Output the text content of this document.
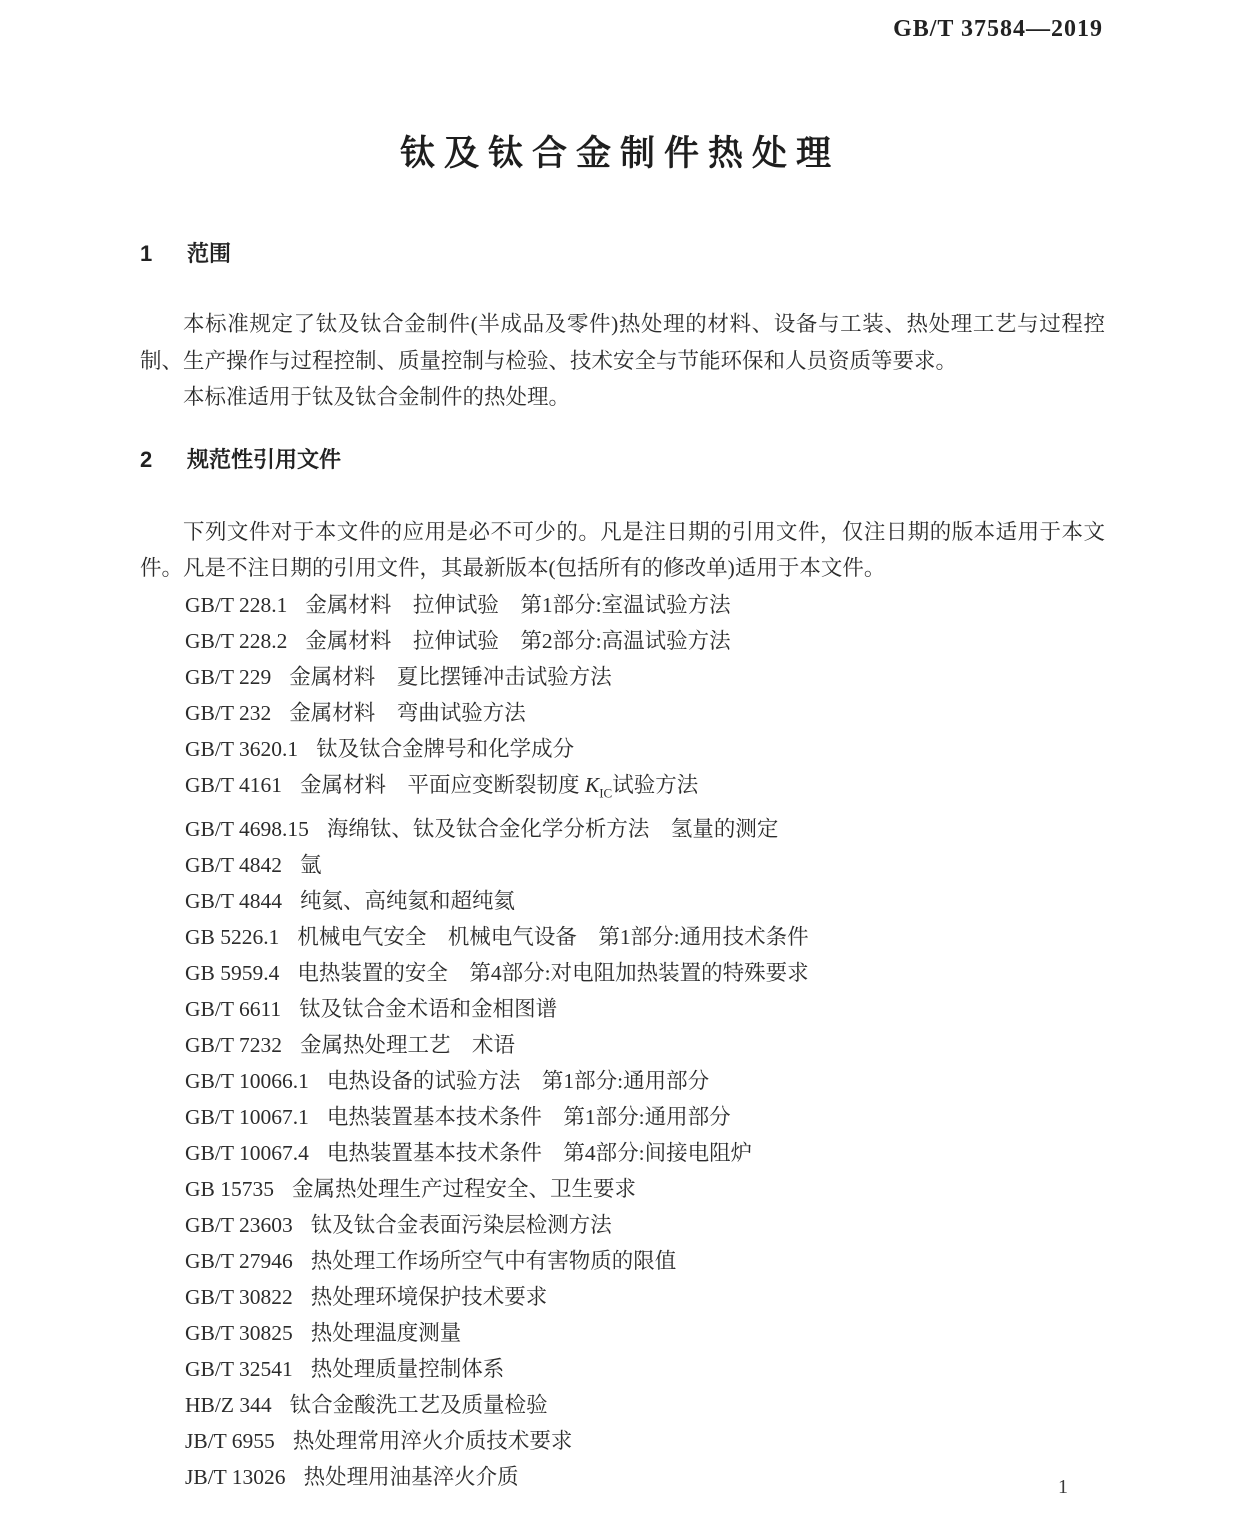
GB/T 37584—2019
钛及钛合金制件热处理
1 范围

本标准规定了钛及钛合金制件(半成品及零件)热处理的材料、设备与工装、热处理工艺与过程控制、生产操作与过程控制、质量控制与检验、技术安全与节能环保和人员资质等要求。

本标准适用于钛及钛合金制件的热处理。

2 规范性引用文件

下列文件对于本文件的应用是必不可少的。凡是注日期的引用文件，仅注日期的版本适用于本文件。凡是不注日期的引用文件，其最新版本(包括所有的修改单)适用于本文件。

GB/T 228.1 金属材料　拉伸试验　第1部分:室温试验方法
GB/T 228.2 金属材料　拉伸试验　第2部分:高温试验方法
GB/T 229 金属材料　夏比摆锤冲击试验方法
GB/T 232 金属材料　弯曲试验方法
GB/T 3620.1 钛及钛合金牌号和化学成分
GB/T 4161 金属材料　平面应变断裂韧度 $K_{IC}$试验方法
GB/T 4698.15 海绵钛、钛及钛合金化学分析方法　氢量的测定
GB/T 4842 氩
GB/T 4844 纯氦、高纯氦和超纯氦
GB 5226.1 机械电气安全　机械电气设备　第1部分:通用技术条件
GB 5959.4 电热装置的安全　第4部分:对电阻加热装置的特殊要求
GB/T 6611 钛及钛合金术语和金相图谱
GB/T 7232 金属热处理工艺　术语
GB/T 10066.1 电热设备的试验方法　第1部分:通用部分
GB/T 10067.1 电热装置基本技术条件　第1部分:通用部分
GB/T 10067.4 电热装置基本技术条件　第4部分:间接电阻炉
GB 15735 金属热处理生产过程安全、卫生要求
GB/T 23603 钛及钛合金表面污染层检测方法
GB/T 27946 热处理工作场所空气中有害物质的限值
GB/T 30822 热处理环境保护技术要求
GB/T 30825 热处理温度测量
GB/T 32541 热处理质量控制体系
HB/Z 344 钛合金酸洗工艺及质量检验
JB/T 6955 热处理常用淬火介质技术要求
JB/T 13026 热处理用油基淬火介质	1
